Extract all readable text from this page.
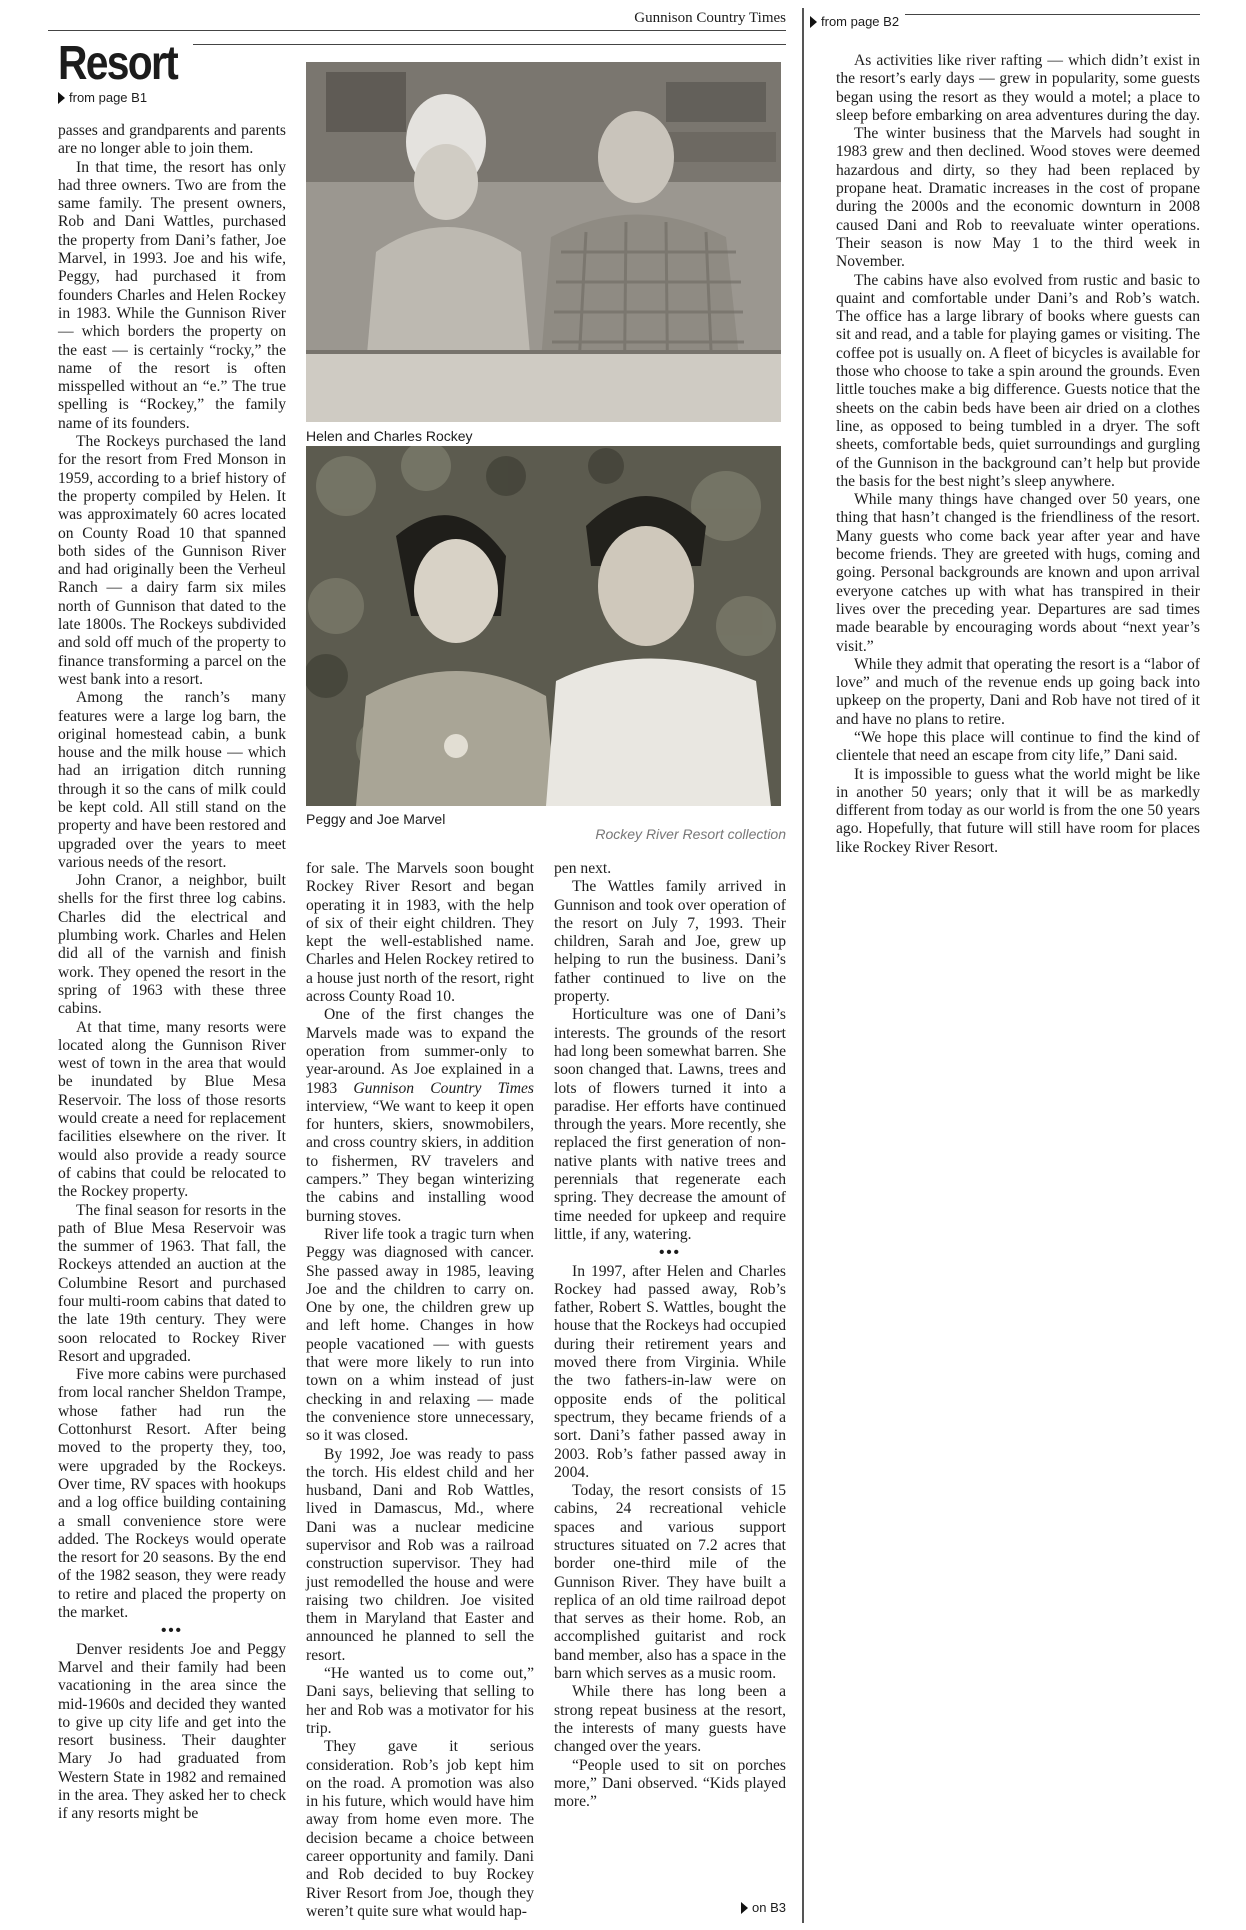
Gunnison Country Times
Resort
from page B1

passes and grandparents and parents are no longer able to join them.

In that time, the resort has only had three owners. Two are from the same family. The present owners, Rob and Dani Wattles, purchased the property from Dani’s father, Joe Marvel, in 1993. Joe and his wife, Peggy, had purchased it from founders Charles and Helen Rockey in 1983. While the Gunnison River — which borders the property on the east — is certainly “rocky,” the name of the resort is often misspelled without an “e.” The true spelling is “Rockey,” the family name of its founders.

The Rockeys purchased the land for the resort from Fred Monson in 1959, according to a brief history of the property compiled by Helen. It was approximately 60 acres located on County Road 10 that spanned both sides of the Gunnison River and had originally been the Verheul Ranch — a dairy farm six miles north of Gunnison that dated to the late 1800s. The Rockeys subdivided and sold off much of the property to finance transforming a parcel on the west bank into a resort.

Among the ranch’s many features were a large log barn, the original homestead cabin, a bunk house and the milk house — which had an irrigation ditch running through it so the cans of milk could be kept cold. All still stand on the property and have been restored and upgraded over the years to meet various needs of the resort.

John Cranor, a neighbor, built shells for the first three log cabins. Charles did the electrical and plumbing work. Charles and Helen did all of the varnish and finish work. They opened the resort in the spring of 1963 with these three cabins.

At that time, many resorts were located along the Gunnison River west of town in the area that would be inundated by Blue Mesa Reservoir. The loss of those resorts would create a need for replacement facilities elsewhere on the river. It would also provide a ready source of cabins that could be relocated to the Rockey property.

The final season for resorts in the path of Blue Mesa Reservoir was the summer of 1963. That fall, the Rockeys attended an auction at the Columbine Resort and purchased four multi-room cabins that dated to the late 19th century. They were soon relocated to Rockey River Resort and upgraded.

Five more cabins were purchased from local rancher Sheldon Trampe, whose father had run the Cottonhurst Resort. After being moved to the property they, too, were upgraded by the Rockeys. Over time, RV spaces with hookups and a log office building containing a small convenience store were added. The Rockeys would operate the resort for 20 seasons. By the end of the 1982 season, they were ready to retire and placed the property on the market.

•••

Denver residents Joe and Peggy Marvel and their family had been vacationing in the area since the mid-1960s and decided they wanted to give up city life and get into the resort business. Their daughter Mary Jo had graduated from Western State in 1982 and remained in the area. They asked her to check if any resorts might be

Helen and Charles Rockey
Peggy and Joe Marvel
Rockey River Resort collection

for sale. The Marvels soon bought Rockey River Resort and began operating it in 1983, with the help of six of their eight children. They kept the well-established name. Charles and Helen Rockey retired to a house just north of the resort, right across County Road 10.

One of the first changes the Marvels made was to expand the operation from summer-only to year-around. As Joe explained in a 1983 Gunnison Country Times interview, “We want to keep it open for hunters, skiers, snowmobilers, and cross country skiers, in addition to fishermen, RV travelers and campers.” They began winterizing the cabins and installing wood burning stoves.

River life took a tragic turn when Peggy was diagnosed with cancer. She passed away in 1985, leaving Joe and the children to carry on. One by one, the children grew up and left home. Changes in how people vacationed — with guests that were more likely to run into town on a whim instead of just checking in and relaxing — made the convenience store unnecessary, so it was closed.

By 1992, Joe was ready to pass the torch. His eldest child and her husband, Dani and Rob Wattles, lived in Damascus, Md., where Dani was a nuclear medicine supervisor and Rob was a railroad construction supervisor. They had just remodelled the house and were raising two children. Joe visited them in Maryland that Easter and announced he planned to sell the resort.

“He wanted us to come out,” Dani says, believing that selling to her and Rob was a motivator for his trip.

They gave it serious consideration. Rob’s job kept him on the road. A promotion was also in his future, which would have him away from home even more. The decision became a choice between career opportunity and family. Dani and Rob decided to buy Rockey River Resort from Joe, though they weren’t quite sure what would hap-

pen next.

The Wattles family arrived in Gunnison and took over operation of the resort on July 7, 1993. Their children, Sarah and Joe, grew up helping to run the business. Dani’s father continued to live on the property.

Horticulture was one of Dani’s interests. The grounds of the resort had long been somewhat barren. She soon changed that. Lawns, trees and lots of flowers turned it into a paradise. Her efforts have continued through the years. More recently, she replaced the first generation of non-native plants with native trees and perennials that regenerate each spring. They decrease the amount of time needed for upkeep and require little, if any, watering.

•••

In 1997, after Helen and Charles Rockey had passed away, Rob’s father, Robert S. Wattles, bought the house that the Rockeys had occupied during their retirement years and moved there from Virginia. While the two fathers-in-law were on opposite ends of the political spectrum, they became friends of a sort. Dani’s father passed away in 2003. Rob’s father passed away in 2004.

Today, the resort consists of 15 cabins, 24 recreational vehicle spaces and various support structures situated on 7.2 acres that border one-third mile of the Gunnison River. They have built a replica of an old time railroad depot that serves as their home. Rob, an accomplished guitarist and rock band member, also has a space in the barn which serves as a music room.

While there has long been a strong repeat business at the resort, the interests of many guests have changed over the years.

“People used to sit on porches more,” Dani observed. “Kids played more.”

on B3
from page B2

As activities like river rafting — which didn’t exist in the resort’s early days — grew in popularity, some guests began using the resort as they would a motel; a place to sleep before embarking on area adventures during the day.

The winter business that the Marvels had sought in 1983 grew and then declined. Wood stoves were deemed hazardous and dirty, so they had been replaced by propane heat. Dramatic increases in the cost of propane during the 2000s and the economic downturn in 2008 caused Dani and Rob to reevaluate winter operations. Their season is now May 1 to the third week in November.

The cabins have also evolved from rustic and basic to quaint and comfortable under Dani’s and Rob’s watch. The office has a large library of books where guests can sit and read, and a table for playing games or visiting. The coffee pot is usually on. A fleet of bicycles is available for those who choose to take a spin around the grounds. Even little touches make a big difference. Guests notice that the sheets on the cabin beds have been air dried on a clothes line, as opposed to being tumbled in a dryer. The soft sheets, comfortable beds, quiet surroundings and gurgling of the Gunnison in the background can’t help but provide the basis for the best night’s sleep anywhere.

While many things have changed over 50 years, one thing that hasn’t changed is the friendliness of the resort. Many guests who come back year after year and have become friends. They are greeted with hugs, coming and going. Personal backgrounds are known and upon arrival everyone catches up with what has transpired in their lives over the preceding year. Departures are sad times made bearable by encouraging words about “next year’s visit.”

While they admit that operating the resort is a “labor of love” and much of the revenue ends up going back into upkeep on the property, Dani and Rob have not tired of it and have no plans to retire.

“We hope this place will continue to find the kind of clientele that need an escape from city life,” Dani said.

It is impossible to guess what the world might be like in another 50 years; only that it will be as markedly different from today as our world is from the one 50 years ago. Hopefully, that future will still have room for places like Rockey River Resort.
